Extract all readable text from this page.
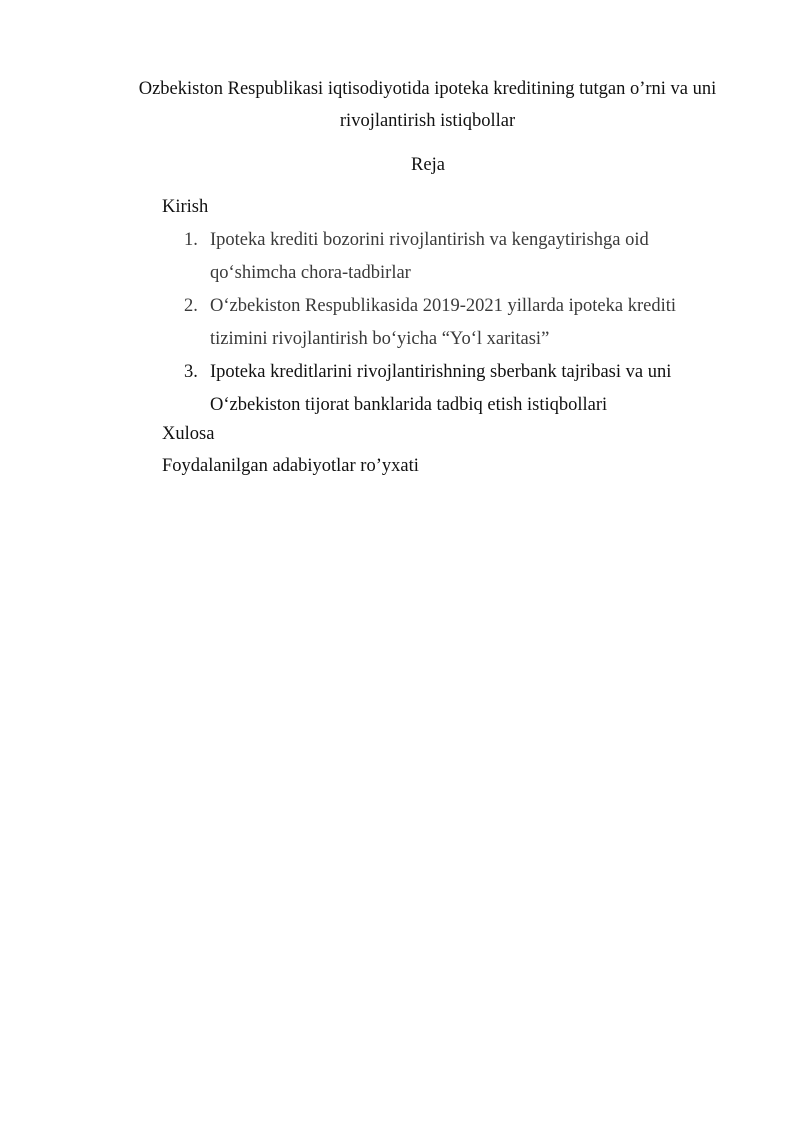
Ozbekiston Respublikasi iqtisodiyotida ipoteka kreditining tutgan o’rni va uni
rivojlantirish istiqbollar
Reja

Kirish

1. Ipoteka krediti bozorini rivojlantirish va kengaytirishga oid
qo‘shimcha chora-tadbirlar
2. O‘zbekiston Respublikasida 2019-2021 yillarda ipoteka krediti
tizimini rivojlantirish bo‘yicha “Yo‘l xaritasi”
3. Ipoteka kreditlarini rivojlantirishning sberbank tajribasi va uni
O‘zbekiston tijorat banklarida tadbiq etish istiqbollari

Xulosa

Foydalanilgan adabiyotlar ro’yxati
